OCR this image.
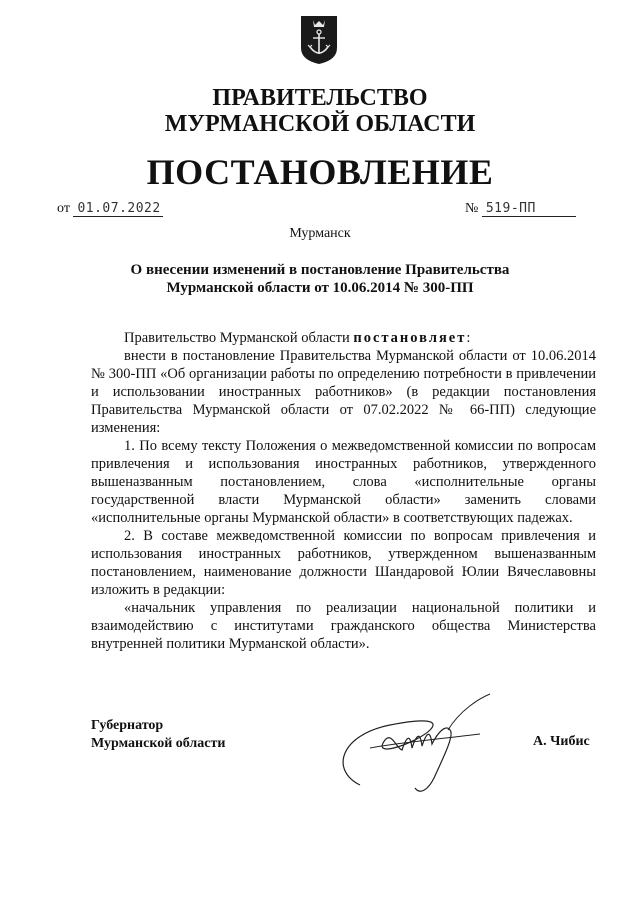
ПРАВИТЕЛЬСТВО
МУРМАНСКОЙ ОБЛАСТИ
ПОСТАНОВЛЕНИЕ
от 01.07.2022	№ 519-ПП
Мурманск
О внесении изменений в постановление Правительства
Мурманской области от 10.06.2014 № 300-ПП

Правительство Мурманской области постановляет:

внести в постановление Правительства Мурманской области от 10.06.2014 № 300-ПП «Об организации работы по определению потребности в привлечении и использовании иностранных работников» (в редакции постановления Правительства Мурманской области от 07.02.2022 № 66-ПП) следующие изменения:

1. По всему тексту Положения о межведомственной комиссии по вопросам привлечения и использования иностранных работников, утвержденного вышеназванным постановлением, слова «исполнительные органы государственной власти Мурманской области» заменить словами «исполнительные органы Мурманской области» в соответствующих падежах.

2. В составе межведомственной комиссии по вопросам привлечения и использования иностранных работников, утвержденном вышеназванным постановлением, наименование должности Шандаровой Юлии Вячеславовны изложить в редакции:

«начальник управления по реализации национальной политики и взаимодействию с институтами гражданского общества Министерства внутренней политики Мурманской области».

Губернатор
Мурманской области	А. Чибис
